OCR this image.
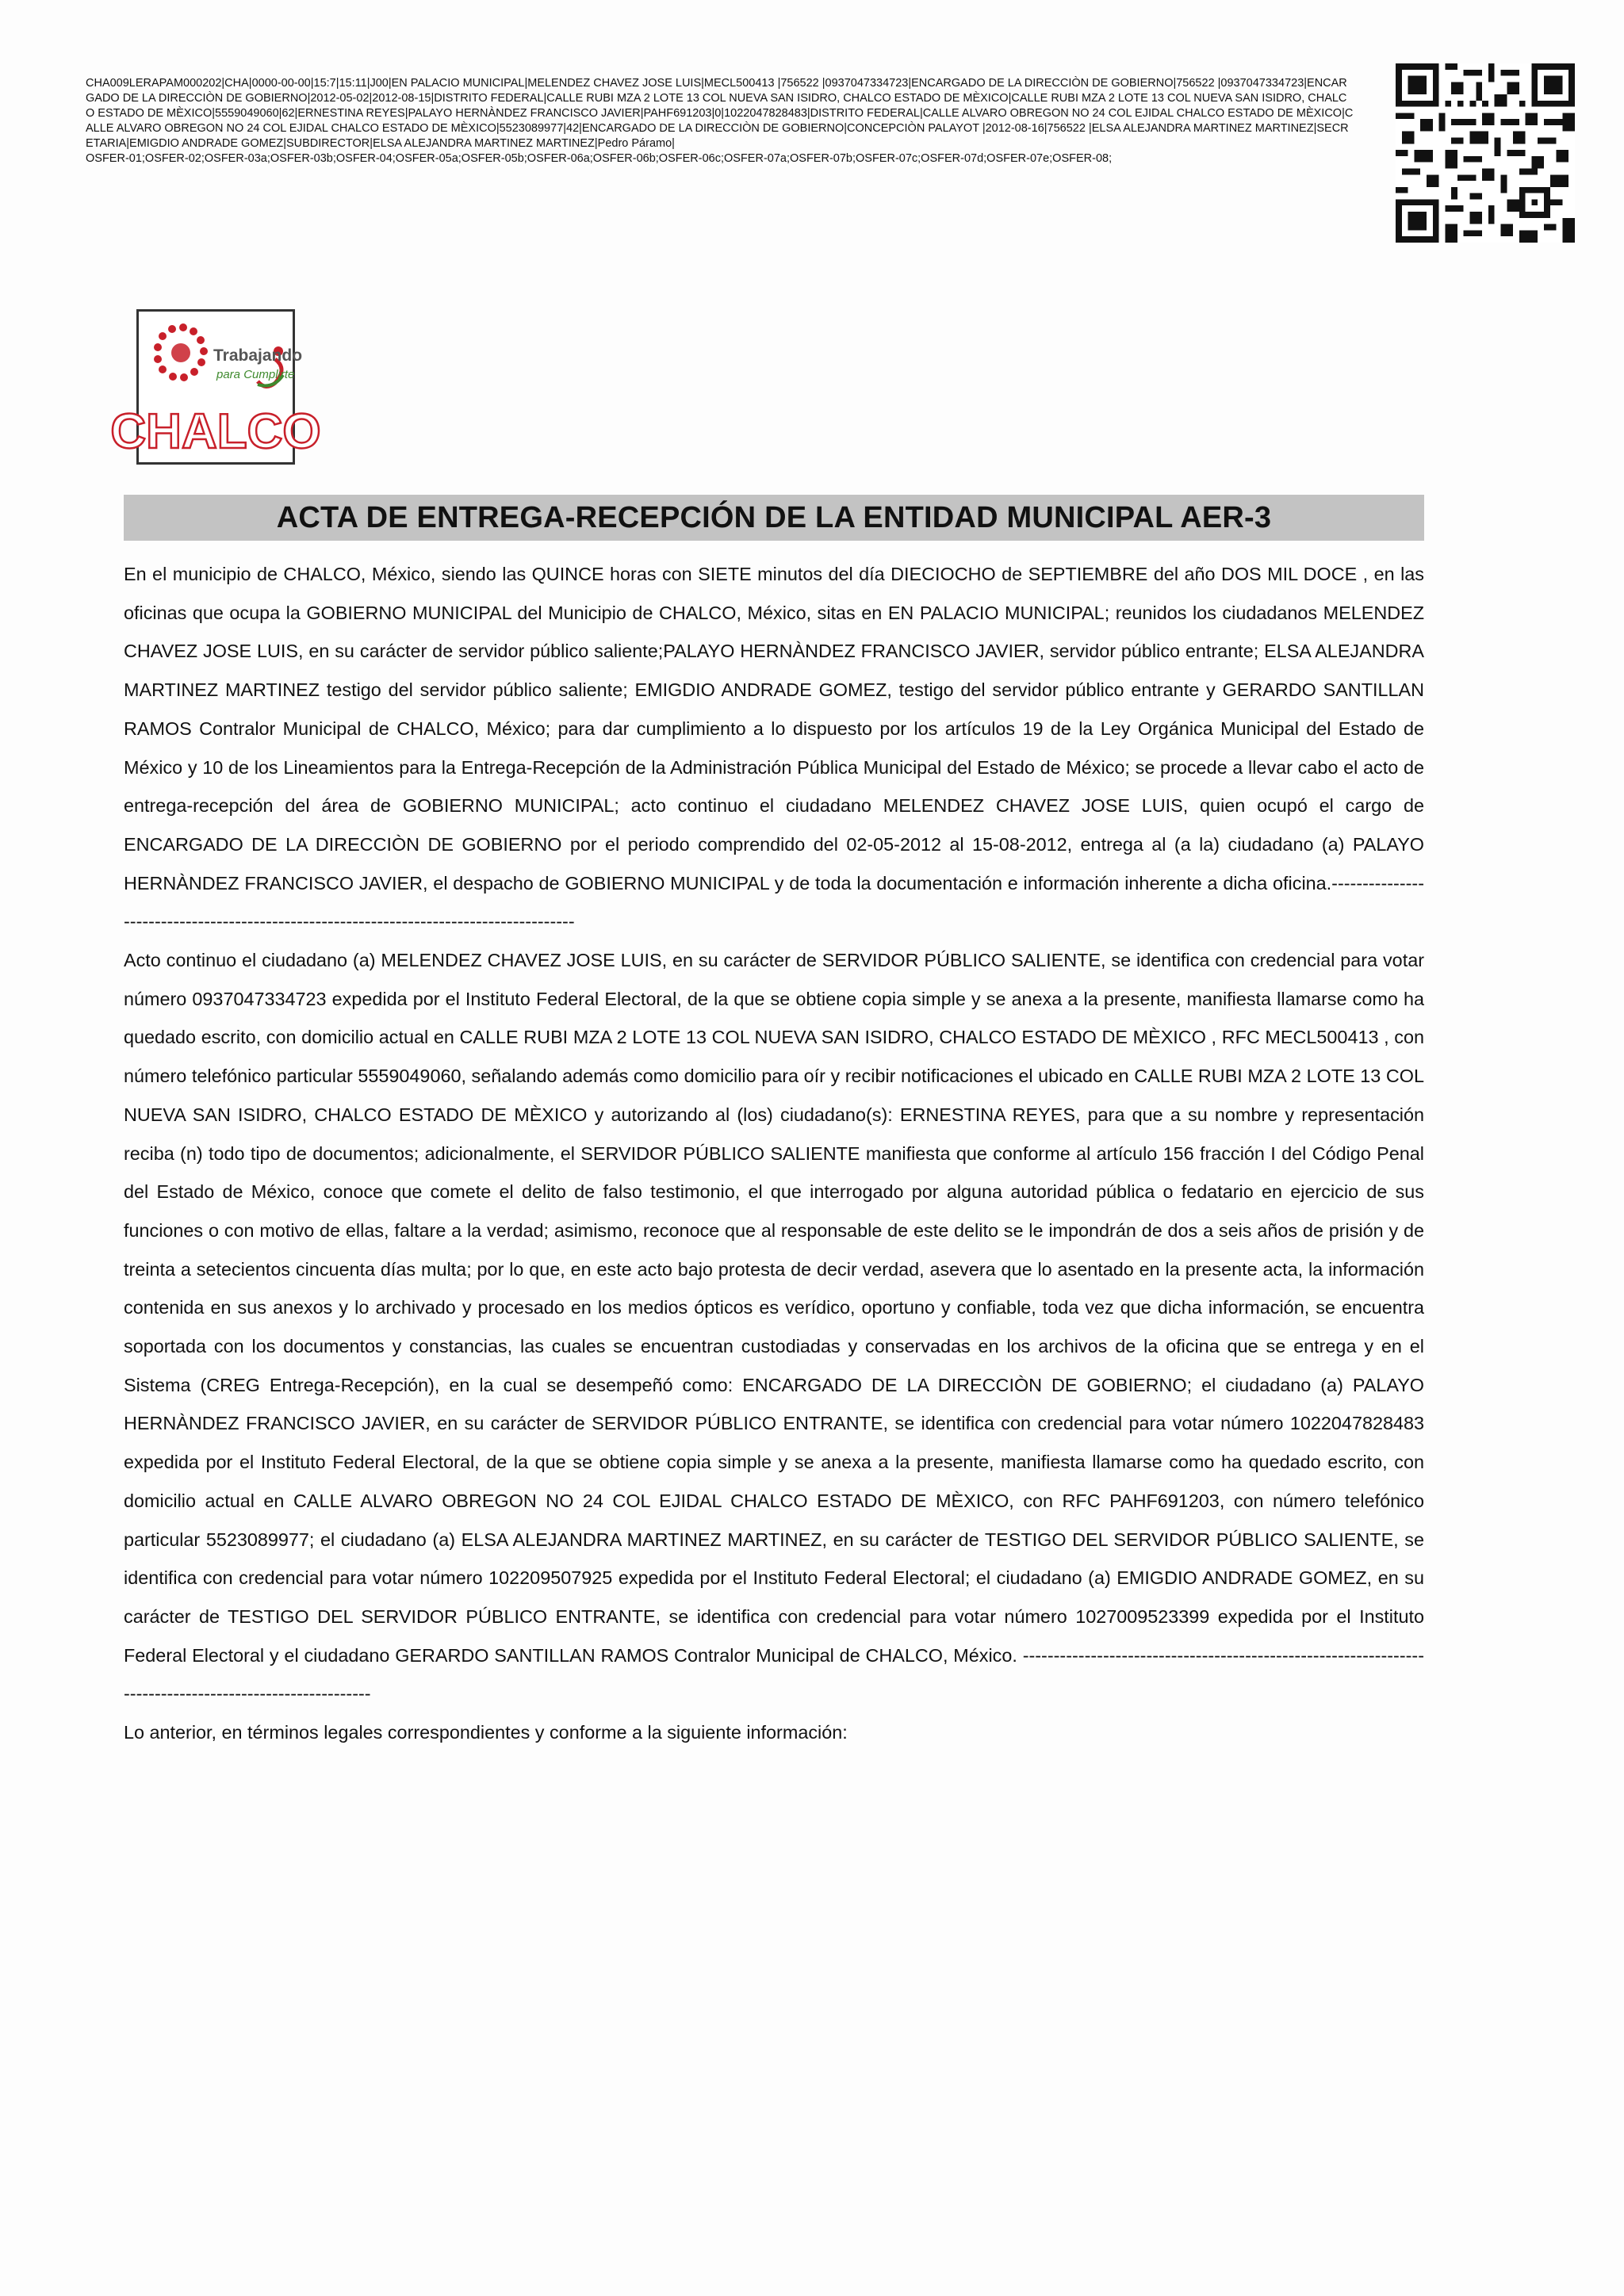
CHA009LERAPAM000202|CHA|0000-00-00|15:7|15:11|J00|EN PALACIO MUNICIPAL|MELENDEZ CHAVEZ JOSE LUIS|MECL500413 |756522 |0937047334723|ENCARGADO DE LA DIRECCIÒN DE GOBIERNO|756522 |0937047334723|ENCARGADO DE LA DIRECCIÒN DE GOBIERNO|2012-05-02|2012-08-15|DISTRITO FEDERAL|CALLE RUBI MZA 2 LOTE 13 COL NUEVA SAN ISIDRO, CHALCO ESTADO DE MÈXICO|CALLE RUBI MZA 2 LOTE 13 COL NUEVA SAN ISIDRO, CHALCO ESTADO DE MÈXICO|5559049060|62|ERNESTINA REYES|PALAYO HERNÀNDEZ FRANCISCO JAVIER|PAHF691203|0|1022047828483|DISTRITO FEDERAL|CALLE ALVARO OBREGON NO 24 COL EJIDAL CHALCO ESTADO DE MÈXICO|CALLE ALVARO OBREGON NO 24 COL EJIDAL CHALCO ESTADO DE MÈXICO|5523089977|42|ENCARGADO DE LA DIRECCIÒN DE GOBIERNO|CONCEPCIÒN PALAYOT |2012-08-16|756522 |ELSA ALEJANDRA MARTINEZ MARTINEZ|SECRETARIA|EMIGDIO ANDRADE GOMEZ|SUBDIRECTOR|ELSA ALEJANDRA MARTINEZ MARTINEZ|Pedro Páramo|
OSFER-01;OSFER-02;OSFER-03a;OSFER-03b;OSFER-04;OSFER-05a;OSFER-05b;OSFER-06a;OSFER-06b;OSFER-06c;OSFER-07a;OSFER-07b;OSFER-07c;OSFER-07d;OSFER-07e;OSFER-08;

Trabajando
para Cumplirte
CHALCO
ACTA DE ENTREGA-RECEPCIÓN DE LA ENTIDAD MUNICIPAL AER-3

En el municipio de CHALCO, México, siendo las QUINCE horas con SIETE minutos del día DIECIOCHO de SEPTIEMBRE del año DOS MIL DOCE , en las oficinas que ocupa la GOBIERNO MUNICIPAL del Municipio de CHALCO, México, sitas en EN PALACIO MUNICIPAL; reunidos los ciudadanos MELENDEZ CHAVEZ JOSE LUIS, en su carácter de servidor público saliente;PALAYO HERNÀNDEZ FRANCISCO JAVIER, servidor público entrante; ELSA ALEJANDRA MARTINEZ MARTINEZ testigo del servidor público saliente; EMIGDIO ANDRADE GOMEZ, testigo del servidor público entrante y GERARDO SANTILLAN RAMOS Contralor Municipal de CHALCO, México; para dar cumplimiento a lo dispuesto por los artículos 19 de la Ley Orgánica Municipal del Estado de México y 10 de los Lineamientos para la Entrega-Recepción de la Administración Pública Municipal del Estado de México; se procede a llevar cabo el acto de entrega-recepción del área de GOBIERNO MUNICIPAL; acto continuo el ciudadano MELENDEZ CHAVEZ JOSE LUIS, quien ocupó el cargo de ENCARGADO DE LA DIRECCIÒN DE GOBIERNO por el periodo comprendido del 02-05-2012 al 15-08-2012, entrega al (a la) ciudadano (a) PALAYO HERNÀNDEZ FRANCISCO JAVIER, el despacho de GOBIERNO MUNICIPAL y de toda la documentación e información inherente a dicha oficina.----------------------------------------------------------------------------------------

Acto continuo el ciudadano (a) MELENDEZ CHAVEZ JOSE LUIS, en su carácter de SERVIDOR PÚBLICO SALIENTE, se identifica con credencial para votar número 0937047334723 expedida por el Instituto Federal Electoral, de la que se obtiene copia simple y se anexa a la presente, manifiesta llamarse como ha quedado escrito, con domicilio actual en CALLE RUBI MZA 2 LOTE 13 COL NUEVA SAN ISIDRO, CHALCO ESTADO DE MÈXICO , RFC MECL500413 , con número telefónico particular 5559049060, señalando además como domicilio para oír y recibir notificaciones el ubicado en CALLE RUBI MZA 2 LOTE 13 COL NUEVA SAN ISIDRO, CHALCO ESTADO DE MÈXICO y autorizando al (los) ciudadano(s): ERNESTINA REYES, para que a su nombre y representación reciba (n) todo tipo de documentos; adicionalmente, el SERVIDOR PÚBLICO SALIENTE manifiesta que conforme al artículo 156 fracción I del Código Penal del Estado de México, conoce que comete el delito de falso testimonio, el que interrogado por alguna autoridad pública o fedatario en ejercicio de sus funciones o con motivo de ellas, faltare a la verdad; asimismo, reconoce que al responsable de este delito se le impondrán de dos a seis años de prisión y de treinta a setecientos cincuenta días multa; por lo que, en este acto bajo protesta de decir verdad, asevera que lo asentado en la presente acta, la información contenida en sus anexos y lo archivado y procesado en los medios ópticos es verídico, oportuno y confiable, toda vez que dicha información, se encuentra soportada con los documentos y constancias, las cuales se encuentran custodiadas y conservadas en los archivos de la oficina que se entrega y en el Sistema (CREG Entrega-Recepción), en la cual se desempeñó como: ENCARGADO DE LA DIRECCIÒN DE GOBIERNO; el ciudadano (a) PALAYO HERNÀNDEZ FRANCISCO JAVIER, en su carácter de SERVIDOR PÚBLICO ENTRANTE, se identifica con credencial para votar número 1022047828483 expedida por el Instituto Federal Electoral, de la que se obtiene copia simple y se anexa a la presente, manifiesta llamarse como ha quedado escrito, con domicilio actual en CALLE ALVARO OBREGON NO 24 COL EJIDAL CHALCO ESTADO DE MÈXICO, con RFC PAHF691203, con número telefónico particular 5523089977; el ciudadano (a) ELSA ALEJANDRA MARTINEZ MARTINEZ, en su carácter de TESTIGO DEL SERVIDOR PÚBLICO SALIENTE, se identifica con credencial para votar número 102209507925 expedida por el Instituto Federal Electoral; el ciudadano (a) EMIGDIO ANDRADE GOMEZ, en su carácter de TESTIGO DEL SERVIDOR PÚBLICO ENTRANTE, se identifica con credencial para votar número 1027009523399 expedida por el Instituto Federal Electoral y el ciudadano GERARDO SANTILLAN RAMOS Contralor Municipal de CHALCO, México. ---------------------------------------------------------------------------------------------------------

Lo anterior, en términos legales correspondientes y conforme a la siguiente información:
